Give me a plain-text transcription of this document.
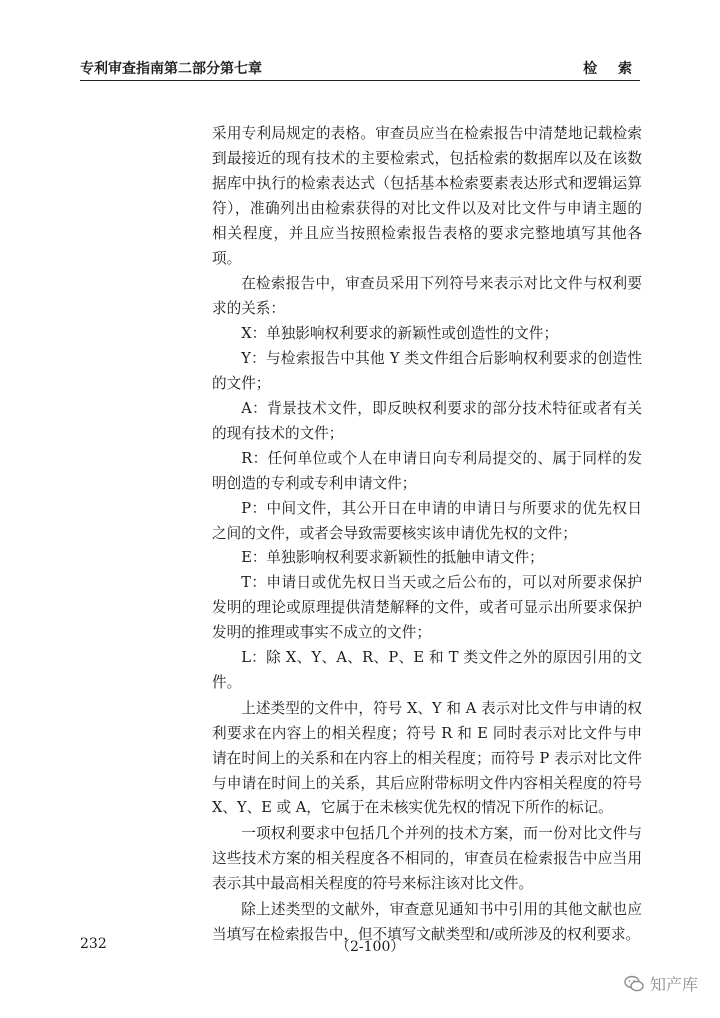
专利审查指南第二部分第七章	检 索

采用专利局规定的表格。审查员应当在检索报告中清楚地记载检索到最接近的现有技术的主要检索式，包括检索的数据库以及在该数据库中执行的检索表达式（包括基本检索要素表达形式和逻辑运算符），准确列出由检索获得的对比文件以及对比文件与申请主题的相关程度，并且应当按照检索报告表格的要求完整地填写其他各项。

在检索报告中，审查员采用下列符号来表示对比文件与权利要求的关系：

X：单独影响权利要求的新颖性或创造性的文件；

Y：与检索报告中其他 Y 类文件组合后影响权利要求的创造性的文件；

A：背景技术文件，即反映权利要求的部分技术特征或者有关的现有技术的文件；

R：任何单位或个人在申请日向专利局提交的、属于同样的发明创造的专利或专利申请文件；

P：中间文件，其公开日在申请的申请日与所要求的优先权日之间的文件，或者会导致需要核实该申请优先权的文件；

E：单独影响权利要求新颖性的抵触申请文件；

T：申请日或优先权日当天或之后公布的，可以对所要求保护发明的理论或原理提供清楚解释的文件，或者可显示出所要求保护发明的推理或事实不成立的文件；

L：除 X、Y、A、R、P、E 和 T 类文件之外的原因引用的文件。

上述类型的文件中，符号 X、Y 和 A 表示对比文件与申请的权利要求在内容上的相关程度；符号 R 和 E 同时表示对比文件与申请在时间上的关系和在内容上的相关程度；而符号 P 表示对比文件与申请在时间上的关系，其后应附带标明文件内容相关程度的符号 X、Y、E 或 A，它属于在未核实优先权的情况下所作的标记。

一项权利要求中包括几个并列的技术方案，而一份对比文件与这些技术方案的相关程度各不相同的，审查员在检索报告中应当用表示其中最高相关程度的符号来标注该对比文件。

除上述类型的文献外，审查意见通知书中引用的其他文献也应当填写在检索报告中，但不填写文献类型和/或所涉及的权利要求。

232	（2-100）
知产库
